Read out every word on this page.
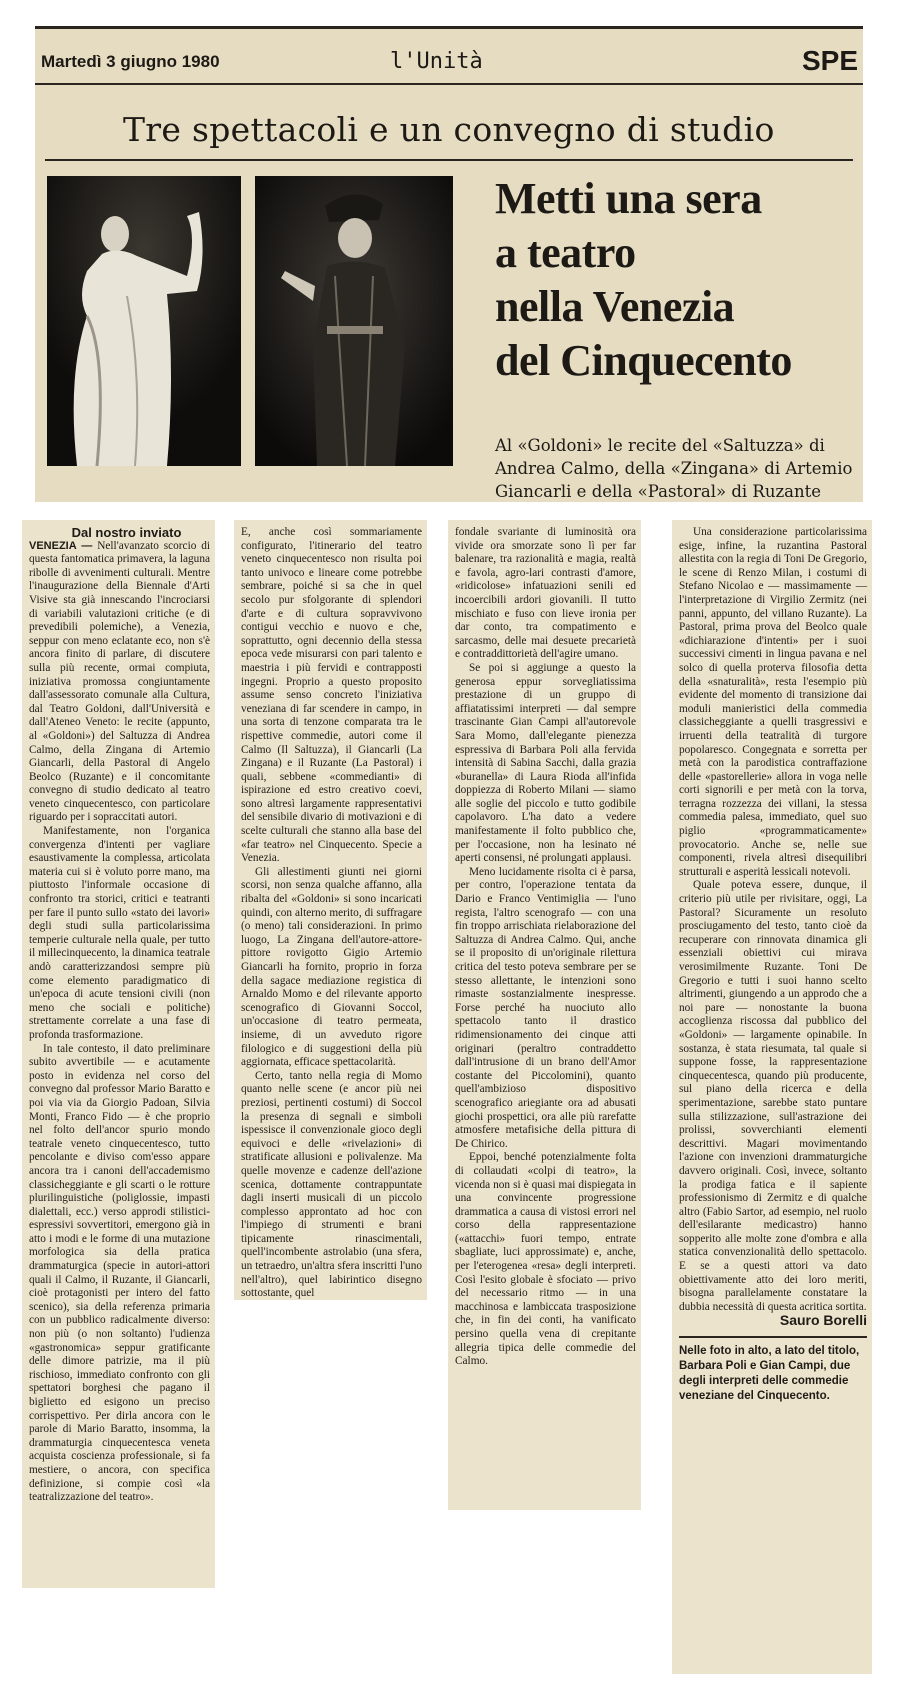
Martedì 3 giugno 1980	l'Unità	SPE
Tre spettacoli e un convegno di studio
Metti una sera
a teatro
nella Venezia
del Cinquecento
Al «Goldoni» le recite del «Saltuzza» di Andrea Calmo, della «Zingana» di Artemio Giancarli e della «Pastoral» di Ruzante

Dal nostro inviato

VENEZIA — Nell'avanzato scorcio di questa fantomatica primavera, la laguna ribolle di avvenimenti culturali. Mentre l'inaugurazione della Biennale d'Arti Visive sta già innescando l'incrociarsi di variabili valutazioni critiche (e di prevedibili polemiche), a Venezia, seppur con meno eclatante eco, non s'è ancora finito di parlare, di discutere sulla più recente, ormai compiuta, iniziativa promossa congiuntamente dall'assessorato comunale alla Cultura, dal Teatro Goldoni, dall'Università e dall'Ateneo Veneto: le recite (appunto, al «Goldoni») del Saltuzza di Andrea Calmo, della Zingana di Artemio Giancarli, della Pastoral di Angelo Beolco (Ruzante) e il concomitante convegno di studio dedicato al teatro veneto cinquecentesco, con particolare riguardo per i sopraccitati autori.

Manifestamente, non l'organica convergenza d'intenti per vagliare esaustivamente la complessa, articolata materia cui si è voluto porre mano, ma piuttosto l'informale occasione di confronto tra storici, critici e teatranti per fare il punto sullo «stato dei lavori» degli studi sulla particolarissima temperie culturale nella quale, per tutto il millecinquecento, la dinamica teatrale andò caratterizzandosi sempre più come elemento paradigmatico di un'epoca di acute tensioni civili (non meno che sociali e politiche) strettamente correlate a una fase di profonda trasformazione.

In tale contesto, il dato preliminare subito avvertibile — e acutamente posto in evidenza nel corso del convegno dal professor Mario Baratto e poi via via da Giorgio Padoan, Silvia Monti, Franco Fido — è che proprio nel folto dell'ancor spurio mondo teatrale veneto cinquecentesco, tutto pencolante e diviso com'esso appare ancora tra i canoni dell'accademismo classicheggiante e gli scarti o le rotture plurilinguistiche (poliglossie, impasti dialettali, ecc.) verso approdi stilistici-espressivi sovvertitori, emergono già in atto i modi e le forme di una mutazione morfologica sia della pratica drammaturgica (specie in autori-attori quali il Calmo, il Ruzante, il Giancarli, cioè protagonisti per intero del fatto scenico), sia della referenza primaria con un pubblico radicalmente diverso: non più (o non soltanto) l'udienza «gastronomica» seppur gratificante delle dimore patrizie, ma il più rischioso, immediato confronto con gli spettatori borghesi che pagano il biglietto ed esigono un preciso corrispettivo. Per dirla ancora con le parole di Mario Baratto, insomma, la drammaturgia cinquecentesca veneta acquista coscienza professionale, si fa mestiere, o ancora, con specifica definizione, si compie così «la teatralizzazione del teatro».

E, anche così sommariamente configurato, l'itinerario del teatro veneto cinquecentesco non risulta poi tanto univoco e lineare come potrebbe sembrare, poiché si sa che in quel secolo pur sfolgorante di splendori d'arte e di cultura sopravvivono contigui vecchio e nuovo e che, soprattutto, ogni decennio della stessa epoca vede misurarsi con pari talento e maestria i più fervidi e contrapposti ingegni. Proprio a questo proposito assume senso concreto l'iniziativa veneziana di far scendere in campo, in una sorta di tenzone comparata tra le rispettive commedie, autori come il Calmo (Il Saltuzza), il Giancarli (La Zingana) e il Ruzante (La Pastoral) i quali, sebbene «commedianti» di ispirazione ed estro creativo coevi, sono altresì largamente rappresentativi del sensibile divario di motivazioni e di scelte culturali che stanno alla base del «far teatro» nel Cinquecento. Specie a Venezia.

Gli allestimenti giunti nei giorni scorsi, non senza qualche affanno, alla ribalta del «Goldoni» si sono incaricati quindi, con alterno merito, di suffragare (o meno) tali considerazioni. In primo luogo, La Zingana dell'autore-attore-pittore rovigotto Gigio Artemio Giancarli ha fornito, proprio in forza della sagace mediazione registica di Arnaldo Momo e del rilevante apporto scenografico di Giovanni Soccol, un'occasione di teatro permeata, insieme, di un avveduto rigore filologico e di suggestioni della più aggiornata, efficace spettacolarità.

Certo, tanto nella regia di Momo quanto nelle scene (e ancor più nei preziosi, pertinenti costumi) di Soccol la presenza di segnali e simboli ispessisce il convenzionale gioco degli equivoci e delle «rivelazioni» di stratificate allusioni e polivalenze. Ma quelle movenze e cadenze dell'azione scenica, dottamente contrappuntate dagli inserti musicali di un piccolo complesso approntato ad hoc con l'impiego di strumenti e brani tipicamente rinascimentali, quell'incombente astrolabio (una sfera, un tetraedro, un'altra sfera inscritti l'uno nell'altro), quel labirintico disegno sottostante, quel

fondale svariante di luminosità ora vivide ora smorzate sono lì per far balenare, tra razionalità e magia, realtà e favola, agro-lari contrasti d'amore, «ridicolose» infatuazioni senili ed incoercibili ardori giovanili. Il tutto mischiato e fuso con lieve ironia per dar conto, tra compatimento e sarcasmo, delle mai desuete precarietà e contraddittorietà dell'agire umano.

Se poi si aggiunge a questo la generosa eppur sorvegliatissima prestazione di un gruppo di affiatatissimi interpreti — dal sempre trascinante Gian Campi all'autorevole Sara Momo, dall'elegante pienezza espressiva di Barbara Poli alla fervida intensità di Sabina Sacchi, dalla grazia «buranella» di Laura Rioda all'infida doppiezza di Roberto Milani — siamo alle soglie del piccolo e tutto godibile capolavoro. L'ha dato a vedere manifestamente il folto pubblico che, per l'occasione, non ha lesinato né aperti consensi, né prolungati applausi.

Meno lucidamente risolta ci è parsa, per contro, l'operazione tentata da Dario e Franco Ventimiglia — l'uno regista, l'altro scenografo — con una fin troppo arrischiata rielaborazione del Saltuzza di Andrea Calmo. Qui, anche se il proposito di un'originale rilettura critica del testo poteva sembrare per se stesso allettante, le intenzioni sono rimaste sostanzialmente inespresse. Forse perché ha nuociuto allo spettacolo tanto il drastico ridimensionamento dei cinque atti originari (peraltro contraddetto dall'intrusione di un brano dell'Amor costante del Piccolomini), quanto quell'ambizioso dispositivo scenografico ariegiante ora ad abusati giochi prospettici, ora alle più rarefatte atmosfere metafisiche della pittura di De Chirico.

Eppoi, benché potenzialmente folta di collaudati «colpi di teatro», la vicenda non si è quasi mai dispiegata in una convincente progressione drammatica a causa di vistosi errori nel corso della rappresentazione («attacchi» fuori tempo, entrate sbagliate, luci approssimate) e, anche, per l'eterogenea «resa» degli interpreti. Così l'esito globale è sfociato — privo del necessario ritmo — in una macchinosa e lambiccata trasposizione che, in fin dei conti, ha vanificato persino quella vena di crepitante allegria tipica delle commedie del Calmo.

Una considerazione particolarissima esige, infine, la ruzantina Pastoral allestita con la regia di Toni De Gregorio, le scene di Renzo Milan, i costumi di Stefano Nicolao e — massimamente — l'interpretazione di Virgilio Zermitz (nei panni, appunto, del villano Ruzante). La Pastoral, prima prova del Beolco quale «dichiarazione d'intenti» per i suoi successivi cimenti in lingua pavana e nel solco di quella proterva filosofia detta della «snaturalità», resta l'esempio più evidente del momento di transizione dai moduli manieristici della commedia classicheggiante a quelli trasgressivi e irruenti della teatralità di turgore popolaresco. Congegnata e sorretta per metà con la parodistica contraffazione delle «pastorellerie» allora in voga nelle corti signorili e per metà con la torva, terragna rozzezza dei villani, la stessa commedia palesa, immediato, quel suo piglio «programmaticamente» provocatorio. Anche se, nelle sue componenti, rivela altresì disequilibri strutturali e asperità lessicali notevoli.

Quale poteva essere, dunque, il criterio più utile per rivisitare, oggi, La Pastoral? Sicuramente un resoluto prosciugamento del testo, tanto cioè da recuperare con rinnovata dinamica gli essenziali obiettivi cui mirava verosimilmente Ruzante. Toni De Gregorio e tutti i suoi hanno scelto altrimenti, giungendo a un approdo che a noi pare — nonostante la buona accoglienza riscossa dal pubblico del «Goldoni» — largamente opinabile. In sostanza, è stata riesumata, tal quale si suppone fosse, la rappresentazione cinquecentesca, quando più producente, sul piano della ricerca e della sperimentazione, sarebbe stato puntare sulla stilizzazione, sull'astrazione dei prolissi, sovverchianti elementi descrittivi. Magari movimentando l'azione con invenzioni drammaturgiche davvero originali. Così, invece, soltanto la prodiga fatica e il sapiente professionismo di Zermitz e di qualche altro (Fabio Sartor, ad esempio, nel ruolo dell'esilarante medicastro) hanno sopperito alle molte zone d'ombra e alla statica convenzionalità dello spettacolo. E se a questi attori va dato obiettivamente atto dei loro meriti, bisogna parallelamente constatare la dubbia necessità di questa acritica sortita.

Sauro Borelli

Nelle foto in alto, a lato del titolo, Barbara Poli e Gian Campi, due degli interpreti delle commedie veneziane del Cinquecento.
